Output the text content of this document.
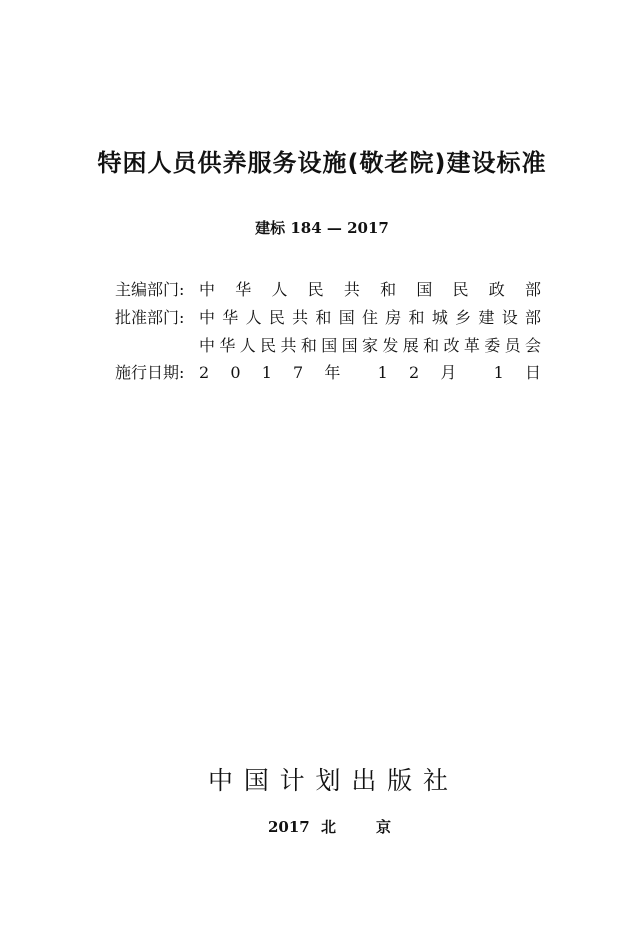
特困人员供养服务设施(敬老院)建设标准
建标 184 — 2017
主编部门: 中 华 人 民 共 和 国 民 政 部
批准部门: 中华人民共和国住房和城乡建设部
中华人民共和国国家发展和改革委员会
施行日期: 2 0 1 7 年 1 2 月 1 日
中国计划出版社
2017 北	京
